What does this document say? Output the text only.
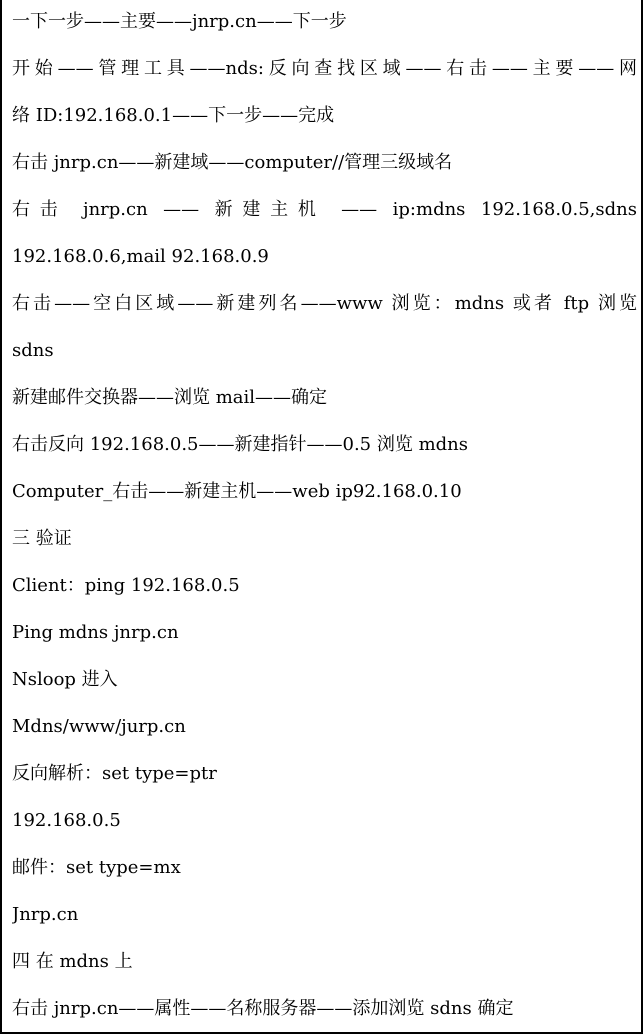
一下一步——主要——jnrp.cn——下一步
开始——管理工具——nds:反向查找区域——右击——主要——网
络 ID:192.168.0.1——下一步——完成
右击 jnrp.cn——新建域——computer//管理三级域名
右击 jnrp.cn —— 新建主机 —— ip:mdns 192.168.0.5,sdns
192.168.0.6,mail 92.168.0.9
右击——空白区域——新建列名——www 浏览：mdns 或者 ftp 浏览
sdns
新建邮件交换器——浏览 mail——确定
右击反向 192.168.0.5——新建指针——0.5 浏览 mdns
Computer_右击——新建主机——web ip92.168.0.10
三 验证
Client：ping 192.168.0.5
Ping mdns jnrp.cn
Nsloop 进入
Mdns/www/jurp.cn
反向解析：set type=ptr
192.168.0.5
邮件：set type=mx
Jnrp.cn
四 在 mdns 上
右击 jnrp.cn——属性——名称服务器——添加浏览 sdns 确定
